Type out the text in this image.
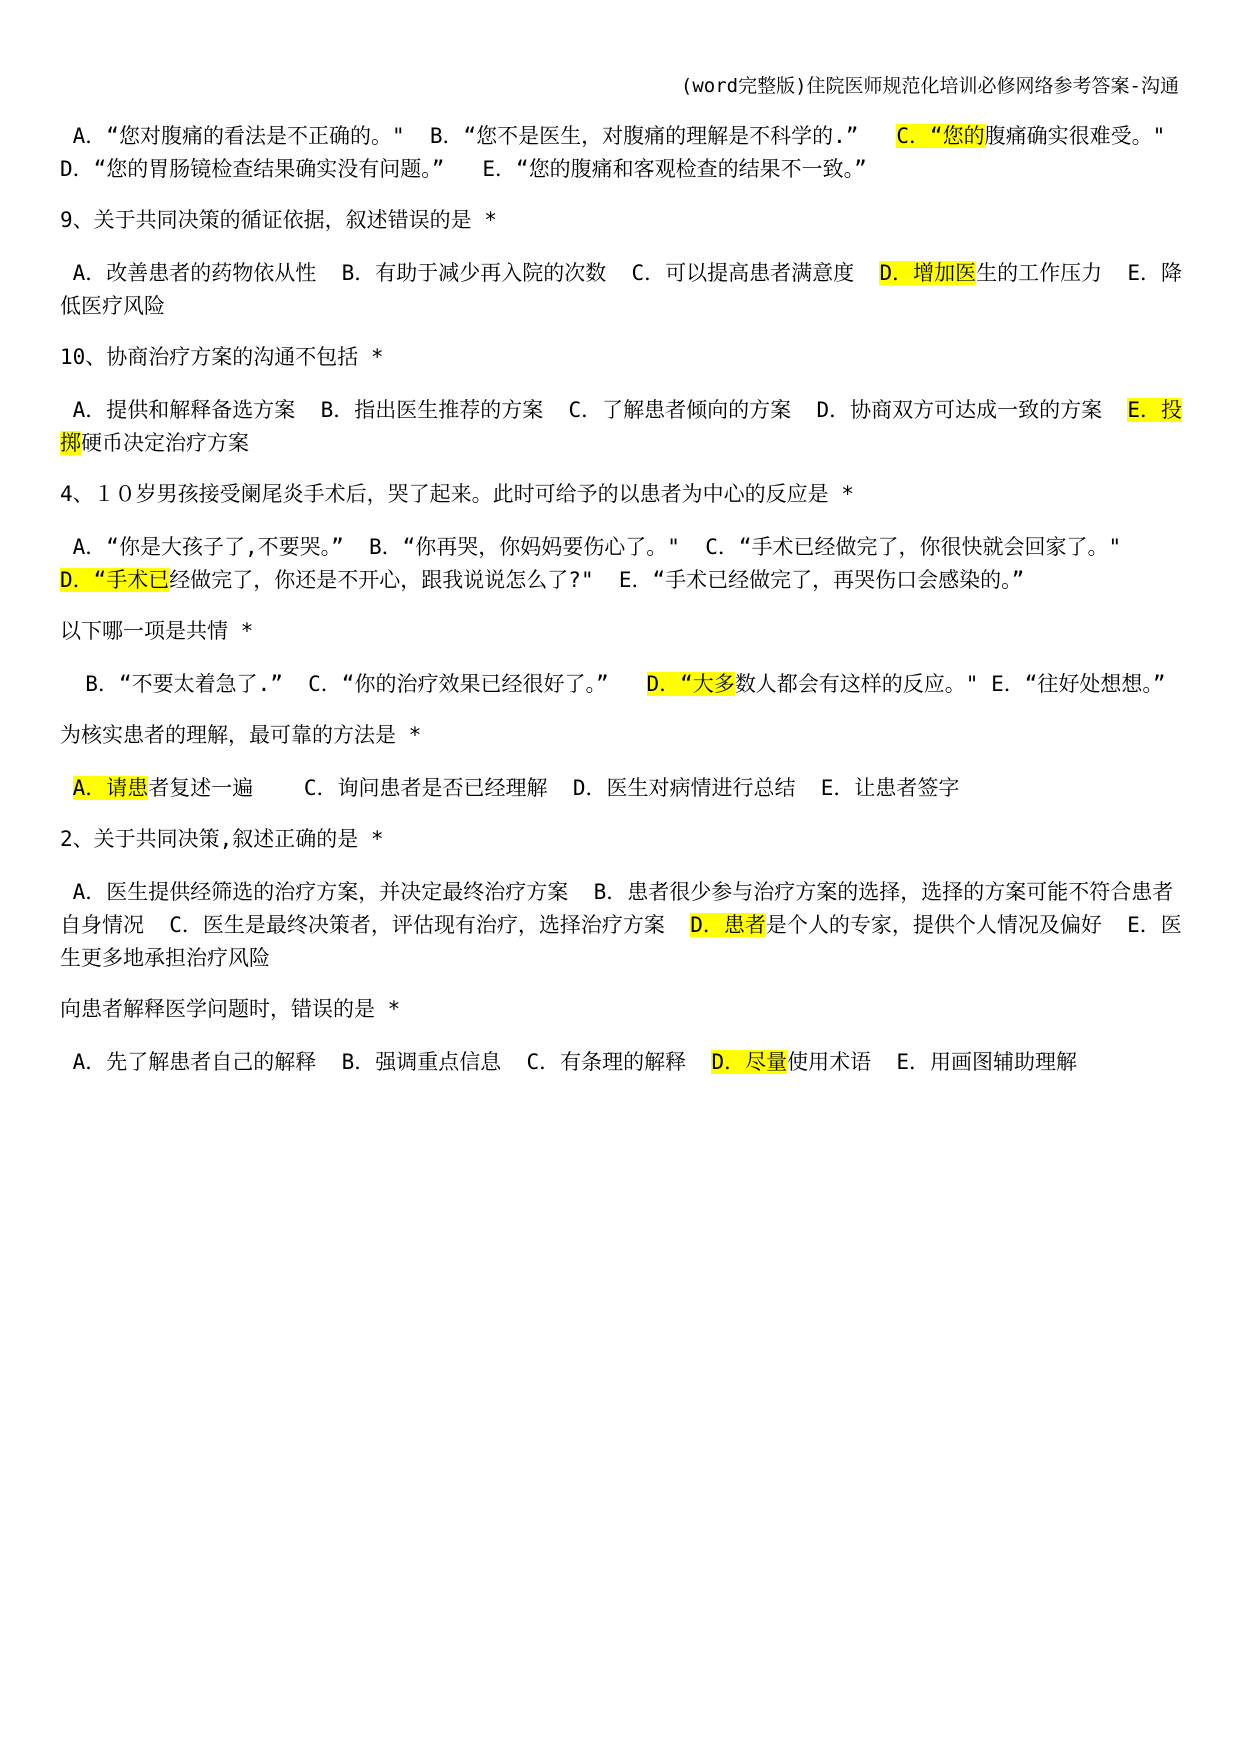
(word完整版)住院医师规范化培训必修网络参考答案-沟通
A．“您对腹痛的看法是不正确的。"  B．“您不是医生，对腹痛的理解是不科学的.”   C．“您的腹痛确实很难受。"  D．“您的胃肠镜检查结果确实没有问题。”   E．“您的腹痛和客观检查的结果不一致。”
9、关于共同决策的循证依据，叙述错误的是 *
A．改善患者的药物依从性  B．有助于减少再入院的次数  C．可以提高患者满意度  D．增加医生的工作压力  E．降低医疗风险
10、协商治疗方案的沟通不包括 *
A．提供和解释备选方案  B．指出医生推荐的方案  C．了解患者倾向的方案  D．协商双方可达成一致的方案  E．投掷硬币决定治疗方案
4、１０岁男孩接受阑尾炎手术后，哭了起来。此时可给予的以患者为中心的反应是 *
A．“你是大孩子了,不要哭。”  B．“你再哭，你妈妈要伤心了。"  C．“手术已经做完了，你很快就会回家了。"  D．“手术已经做完了，你还是不开心，跟我说说怎么了?"  E．“手术已经做完了，再哭伤口会感染的。”
以下哪一项是共情 *
B．“不要太着急了.”  C．“你的治疗效果已经很好了。”   D．“大多数人都会有这样的反应。" E．“往好处想想。”
为核实患者的理解，最可靠的方法是 *
A．请患者复述一遍    C．询问患者是否已经理解  D．医生对病情进行总结  E．让患者签字
2、关于共同决策,叙述正确的是 *
A．医生提供经筛选的治疗方案，并决定最终治疗方案  B．患者很少参与治疗方案的选择，选择的方案可能不符合患者自身情况  C．医生是最终决策者，评估现有治疗，选择治疗方案  D．患者是个人的专家，提供个人情况及偏好  E．医生更多地承担治疗风险
向患者解释医学问题时，错误的是 *
A．先了解患者自己的解释  B．强调重点信息  C．有条理的解释  D．尽量使用术语  E．用画图辅助理解
